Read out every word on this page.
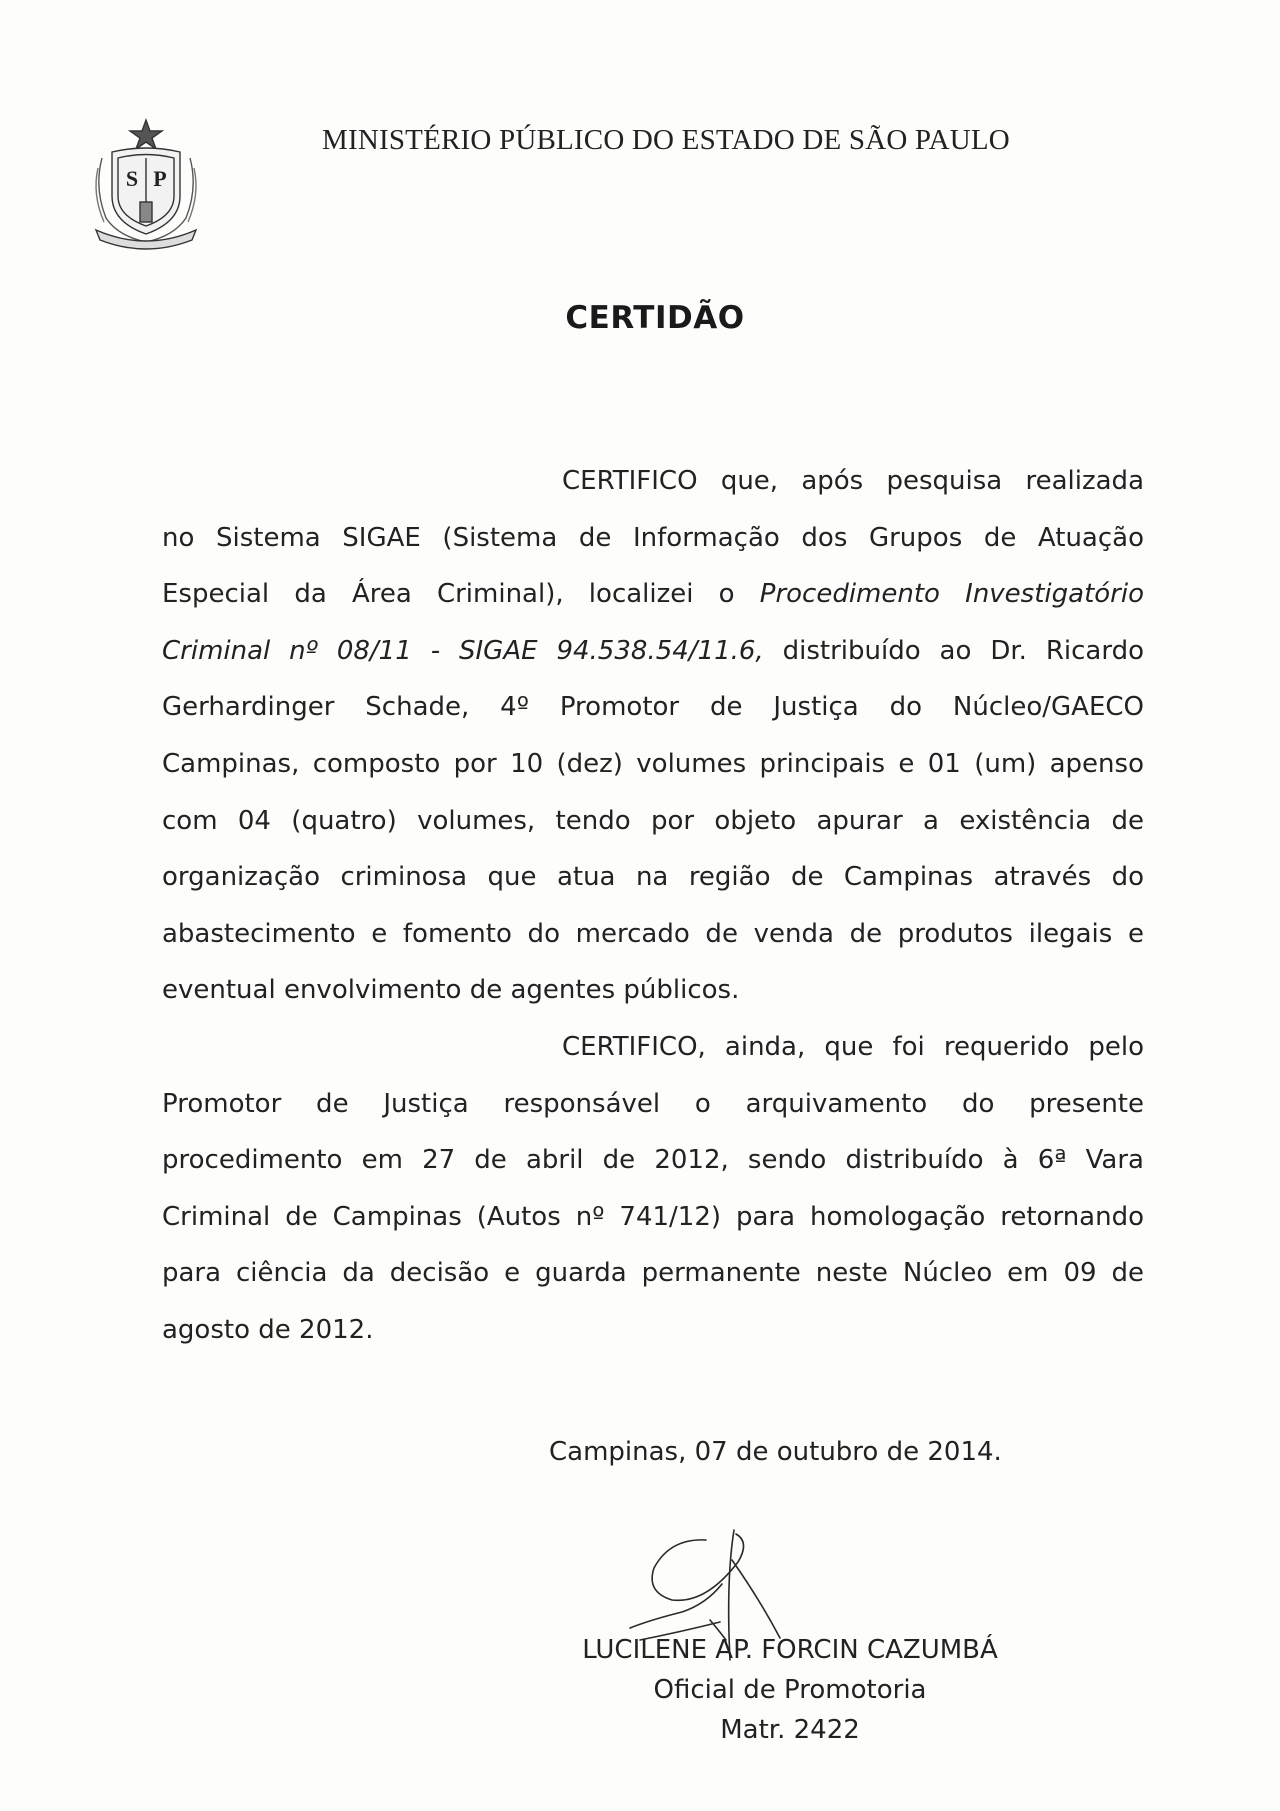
S P
MINISTÉRIO PÚBLICO DO ESTADO DE SÃO PAULO
CERTIDÃO
CERTIFICO que, após pesquisa realizada
no Sistema SIGAE (Sistema de Informação dos Grupos de Atuação
Especial da Área Criminal), localizei o Procedimento Investigatório
Criminal nº 08/11 - SIGAE 94.538.54/11.6, distribuído ao Dr. Ricardo
Gerhardinger Schade, 4º Promotor de Justiça do Núcleo/GAECO
Campinas, composto por 10 (dez) volumes principais e 01 (um) apenso
com 04 (quatro) volumes, tendo por objeto apurar a existência de
organização criminosa que atua na região de Campinas através do
abastecimento e fomento do mercado de venda de produtos ilegais e
eventual envolvimento de agentes públicos.
CERTIFICO, ainda, que foi requerido pelo
Promotor de Justiça responsável o arquivamento do presente
procedimento em 27 de abril de 2012, sendo distribuído à 6ª Vara
Criminal de Campinas (Autos nº 741/12) para homologação retornando
para ciência da decisão e guarda permanente neste Núcleo em 09 de
agosto de 2012.
Campinas, 07 de outubro de 2014.
LUCILENE AP. FORCIN CAZUMBÁ
Oficial de Promotoria
Matr. 2422
